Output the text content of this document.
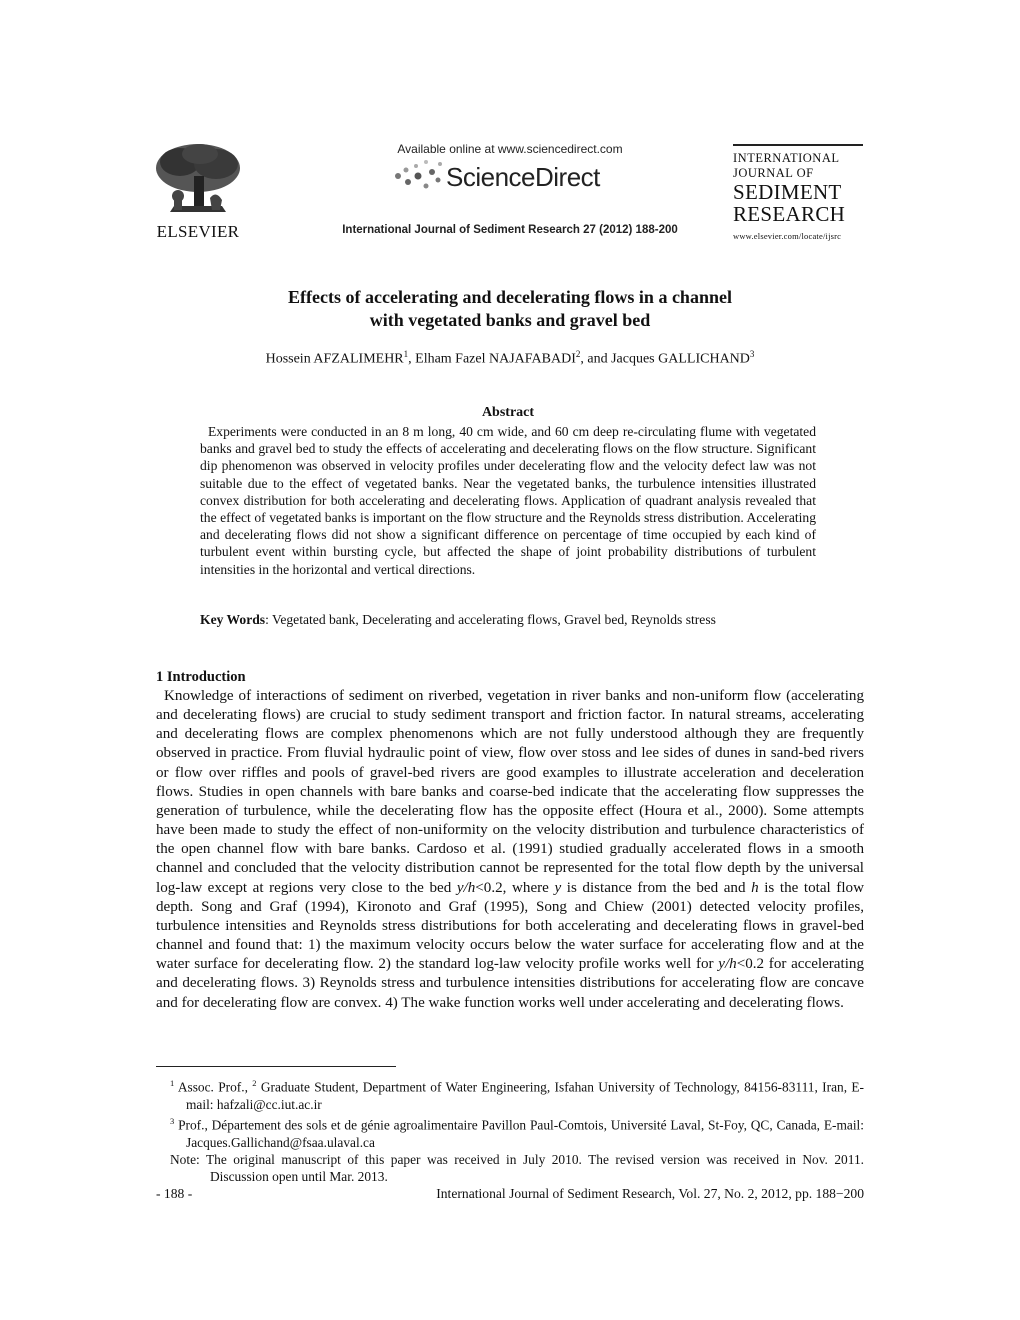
ELSEVIER
Available online at www.sciencedirect.com
ScienceDirect
International Journal of Sediment Research 27 (2012) 188-200
INTERNATIONAL
JOURNAL OF
SEDIMENT
RESEARCH
www.elsevier.com/locate/ijsrc
Effects of accelerating and decelerating flows in a channel
with vegetated banks and gravel bed
Hossein AFZALIMEHR$^1$, Elham Fazel NAJAFABADI$^2$, and Jacques GALLICHAND$^3$
Abstract

Experiments were conducted in an 8 m long, 40 cm wide, and 60 cm deep re-circulating flume with vegetated banks and gravel bed to study the effects of accelerating and decelerating flows on the flow structure. Significant dip phenomenon was observed in velocity profiles under decelerating flow and the velocity defect law was not suitable due to the effect of vegetated banks. Near the vegetated banks, the turbulence intensities illustrated convex distribution for both accelerating and decelerating flows. Application of quadrant analysis revealed that the effect of vegetated banks is important on the flow structure and the Reynolds stress distribution. Accelerating and decelerating flows did not show a significant difference on percentage of time occupied by each kind of turbulent event within bursting cycle, but affected the shape of joint probability distributions of turbulent intensities in the horizontal and vertical directions.

Key Words: Vegetated bank, Decelerating and accelerating flows, Gravel bed, Reynolds stress
1 Introduction

Knowledge of interactions of sediment on riverbed, vegetation in river banks and non-uniform flow (accelerating and decelerating flows) are crucial to study sediment transport and friction factor. In natural streams, accelerating and decelerating flows are complex phenomenons which are not fully understood although they are frequently observed in practice. From fluvial hydraulic point of view, flow over stoss and lee sides of dunes in sand-bed rivers or flow over riffles and pools of gravel-bed rivers are good examples to illustrate acceleration and deceleration flows. Studies in open channels with bare banks and coarse-bed indicate that the accelerating flow suppresses the generation of turbulence, while the decelerating flow has the opposite effect (Houra et al., 2000). Some attempts have been made to study the effect of non-uniformity on the velocity distribution and turbulence characteristics of the open channel flow with bare banks. Cardoso et al. (1991) studied gradually accelerated flows in a smooth channel and concluded that the velocity distribution cannot be represented for the total flow depth by the universal log-law except at regions very close to the bed y/h<0.2, where y is distance from the bed and h is the total flow depth. Song and Graf (1994), Kironoto and Graf (1995), Song and Chiew (2001) detected velocity profiles, turbulence intensities and Reynolds stress distributions for both accelerating and decelerating flows in gravel-bed channel and found that: 1) the maximum velocity occurs below the water surface for accelerating flow and at the water surface for decelerating flow. 2) the standard log-law velocity profile works well for y/h<0.2 for accelerating and decelerating flows. 3) Reynolds stress and turbulence intensities distributions for accelerating flow are concave and for decelerating flow are convex. 4) The wake function works well under accelerating and decelerating flows.

$^1$ Assoc. Prof., $^2$ Graduate Student, Department of Water Engineering, Isfahan University of Technology, 84156-83111, Iran, E-mail: hafzali@cc.iut.ac.ir

$^3$ Prof., Département des sols et de génie agroalimentaire Pavillon Paul-Comtois, Université Laval, St-Foy, QC, Canada, E-mail: Jacques.Gallichand@fsaa.ulaval.ca

Note: The original manuscript of this paper was received in July 2010. The revised version was received in Nov. 2011. Discussion open until Mar. 2013.

- 188 -	International Journal of Sediment Research, Vol. 27, No. 2, 2012, pp. 188−200
